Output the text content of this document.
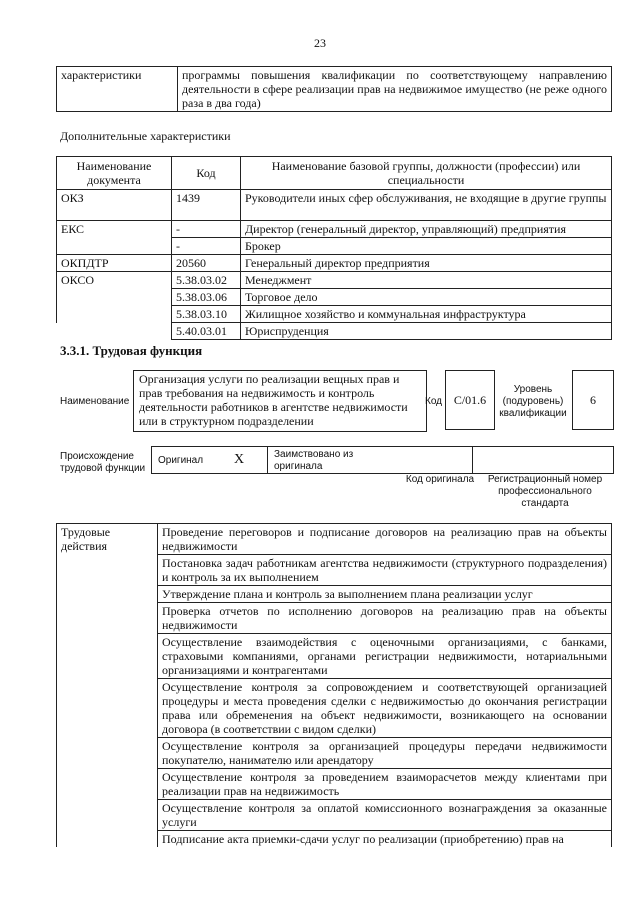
23
характеристики	программы повышения квалификации по соответствующему направлению деятельности в сфере реализации прав на недвижимое имущество (не реже одного раза в два года)
Дополнительные характеристики
Наименование документа	Код	Наименование базовой группы, должности (профессии) или специальности
ОКЗ	1439	Руководители иных сфер обслуживания, не входящие в другие группы
ЕКС	-	Директор (генеральный директор, управляющий) предприятия
	-	Брокер
ОКПДТР	20560	Генеральный директор предприятия
ОКСО	5.38.03.02	Менеджмент
	5.38.03.06	Торговое дело
	5.38.03.10	Жилищное хозяйство и коммунальная инфраструктура
	5.40.03.01	Юриспруденция
3.3.1. Трудовая функция
Наименование
Организация услуги по реализации вещных прав и прав требования на недвижимость и контроль деятельности работников в агентстве недвижимости или в структурном подразделении
Код С/01.6
Уровень (подуровень) квалификации
6
Происхождение трудовой функции
Оригинал X	Заимствовано из оригинала
Код оригинала	Регистрационный номер профессионального стандарта
Трудовые действия	Проведение переговоров и подписание договоров на реализацию прав на объекты недвижимости
Постановка задач работникам агентства недвижимости (структурного подразделения) и контроль за их выполнением
Утверждение плана и контроль за выполнением плана реализации услуг
Проверка отчетов по исполнению договоров на реализацию прав на объекты недвижимости
Осуществление взаимодействия с оценочными организациями, с банками, страховыми компаниями, органами регистрации недвижимости, нотариальными организациями и контрагентами
Осуществление контроля за сопровождением и соответствующей организацией процедуры и места проведения сделки с недвижимостью до окончания регистрации права или обременения на объект недвижимости, возникающего на основании договора (в соответствии с видом сделки)
Осуществление контроля за организацией процедуры передачи недвижимости покупателю, нанимателю или арендатору
Осуществление контроля за проведением взаиморасчетов между клиентами при реализации прав на недвижимость
Осуществление контроля за оплатой комиссионного вознаграждения за оказанные услуги
Подписание акта приемки-сдачи услуг по реализации (приобретению) прав на
